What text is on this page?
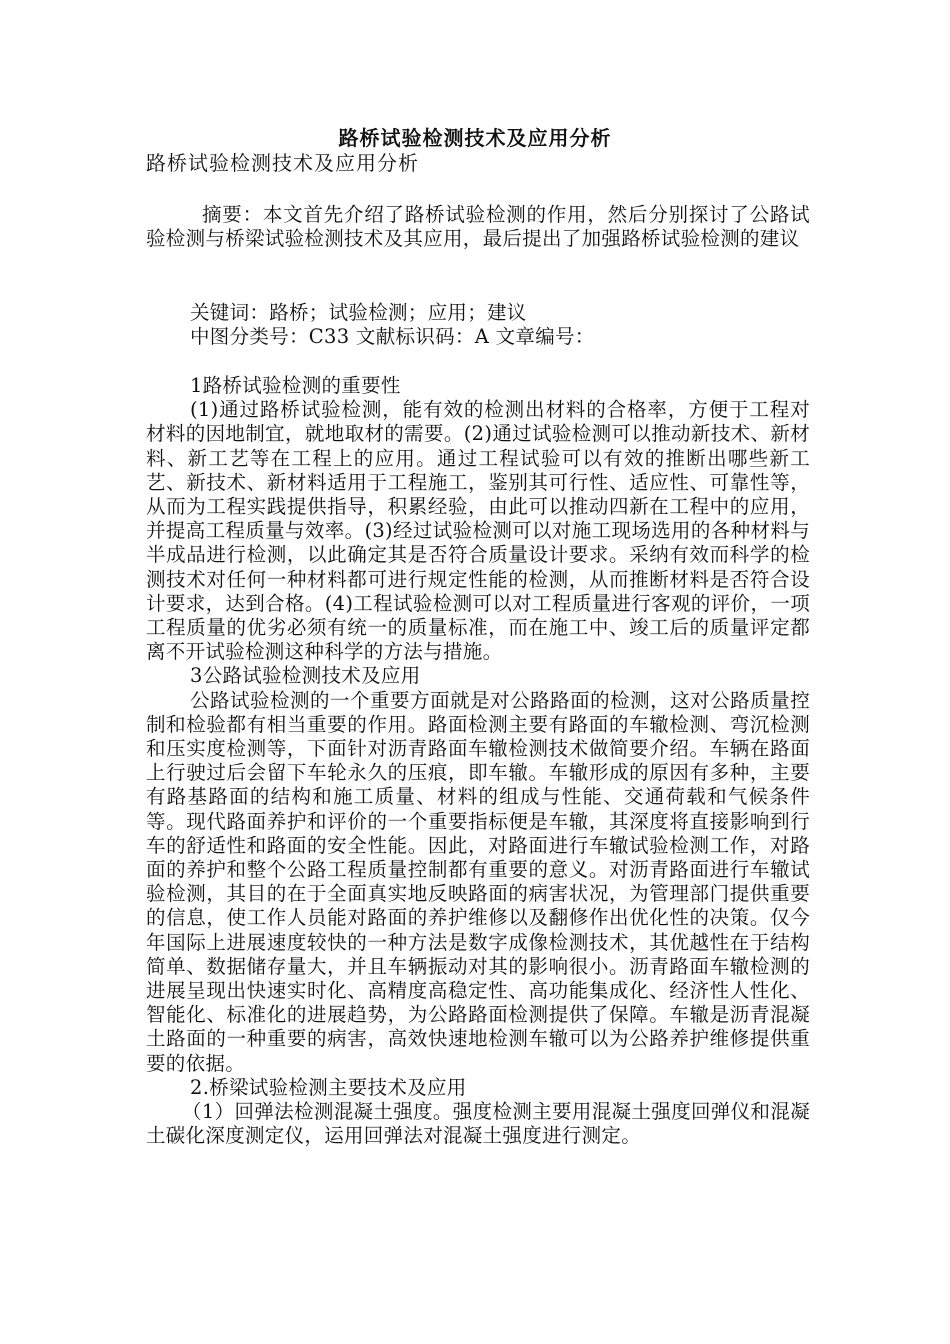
路桥试验检测技术及应用分析
路桥试验检测技术及应用分析
摘要：本文首先介绍了路桥试验检测的作用，然后分别探讨了公路试验检测与桥梁试验检测技术及其应用，最后提出了加强路桥试验检测的建议

关键词：路桥；试验检测；应用；建议

中图分类号：C33 文献标识码：A 文章编号：

1路桥试验检测的重要性

(1)通过路桥试验检测，能有效的检测出材料的合格率，方便于工程对材料的因地制宜，就地取材的需要。(2)通过试验检测可以推动新技术、新材料、新工艺等在工程上的应用。通过工程试验可以有效的推断出哪些新工艺、新技术、新材料适用于工程施工，鉴别其可行性、适应性、可靠性等，从而为工程实践提供指导，积累经验，由此可以推动四新在工程中的应用，并提高工程质量与效率。(3)经过试验检测可以对施工现场选用的各种材料与半成品进行检测，以此确定其是否符合质量设计要求。采纳有效而科学的检测技术对任何一种材料都可进行规定性能的检测，从而推断材料是否符合设计要求，达到合格。(4)工程试验检测可以对工程质量进行客观的评价，一项工程质量的优劣必须有统一的质量标准，而在施工中、竣工后的质量评定都离不开试验检测这种科学的方法与措施。

3公路试验检测技术及应用

公路试验检测的一个重要方面就是对公路路面的检测，这对公路质量控制和检验都有相当重要的作用。路面检测主要有路面的车辙检测、弯沉检测和压实度检测等，下面针对沥青路面车辙检测技术做简要介绍。车辆在路面上行驶过后会留下车轮永久的压痕，即车辙。车辙形成的原因有多种，主要有路基路面的结构和施工质量、材料的组成与性能、交通荷载和气候条件等。现代路面养护和评价的一个重要指标便是车辙，其深度将直接影响到行车的舒适性和路面的安全性能。因此，对路面进行车辙试验检测工作，对路面的养护和整个公路工程质量控制都有重要的意义。对沥青路面进行车辙试验检测，其目的在于全面真实地反映路面的病害状况，为管理部门提供重要的信息，使工作人员能对路面的养护维修以及翻修作出优化性的决策。仅今年国际上进展速度较快的一种方法是数字成像检测技术，其优越性在于结构简单、数据储存量大，并且车辆振动对其的影响很小。沥青路面车辙检测的进展呈现出快速实时化、高精度高稳定性、高功能集成化、经济性人性化、智能化、标准化的进展趋势，为公路路面检测提供了保障。车辙是沥青混凝土路面的一种重要的病害，高效快速地检测车辙可以为公路养护维修提供重要的依据。

2.桥梁试验检测主要技术及应用

（1）回弹法检测混凝土强度。强度检测主要用混凝土强度回弹仪和混凝土碳化深度测定仪，运用回弹法对混凝土强度进行测定。
